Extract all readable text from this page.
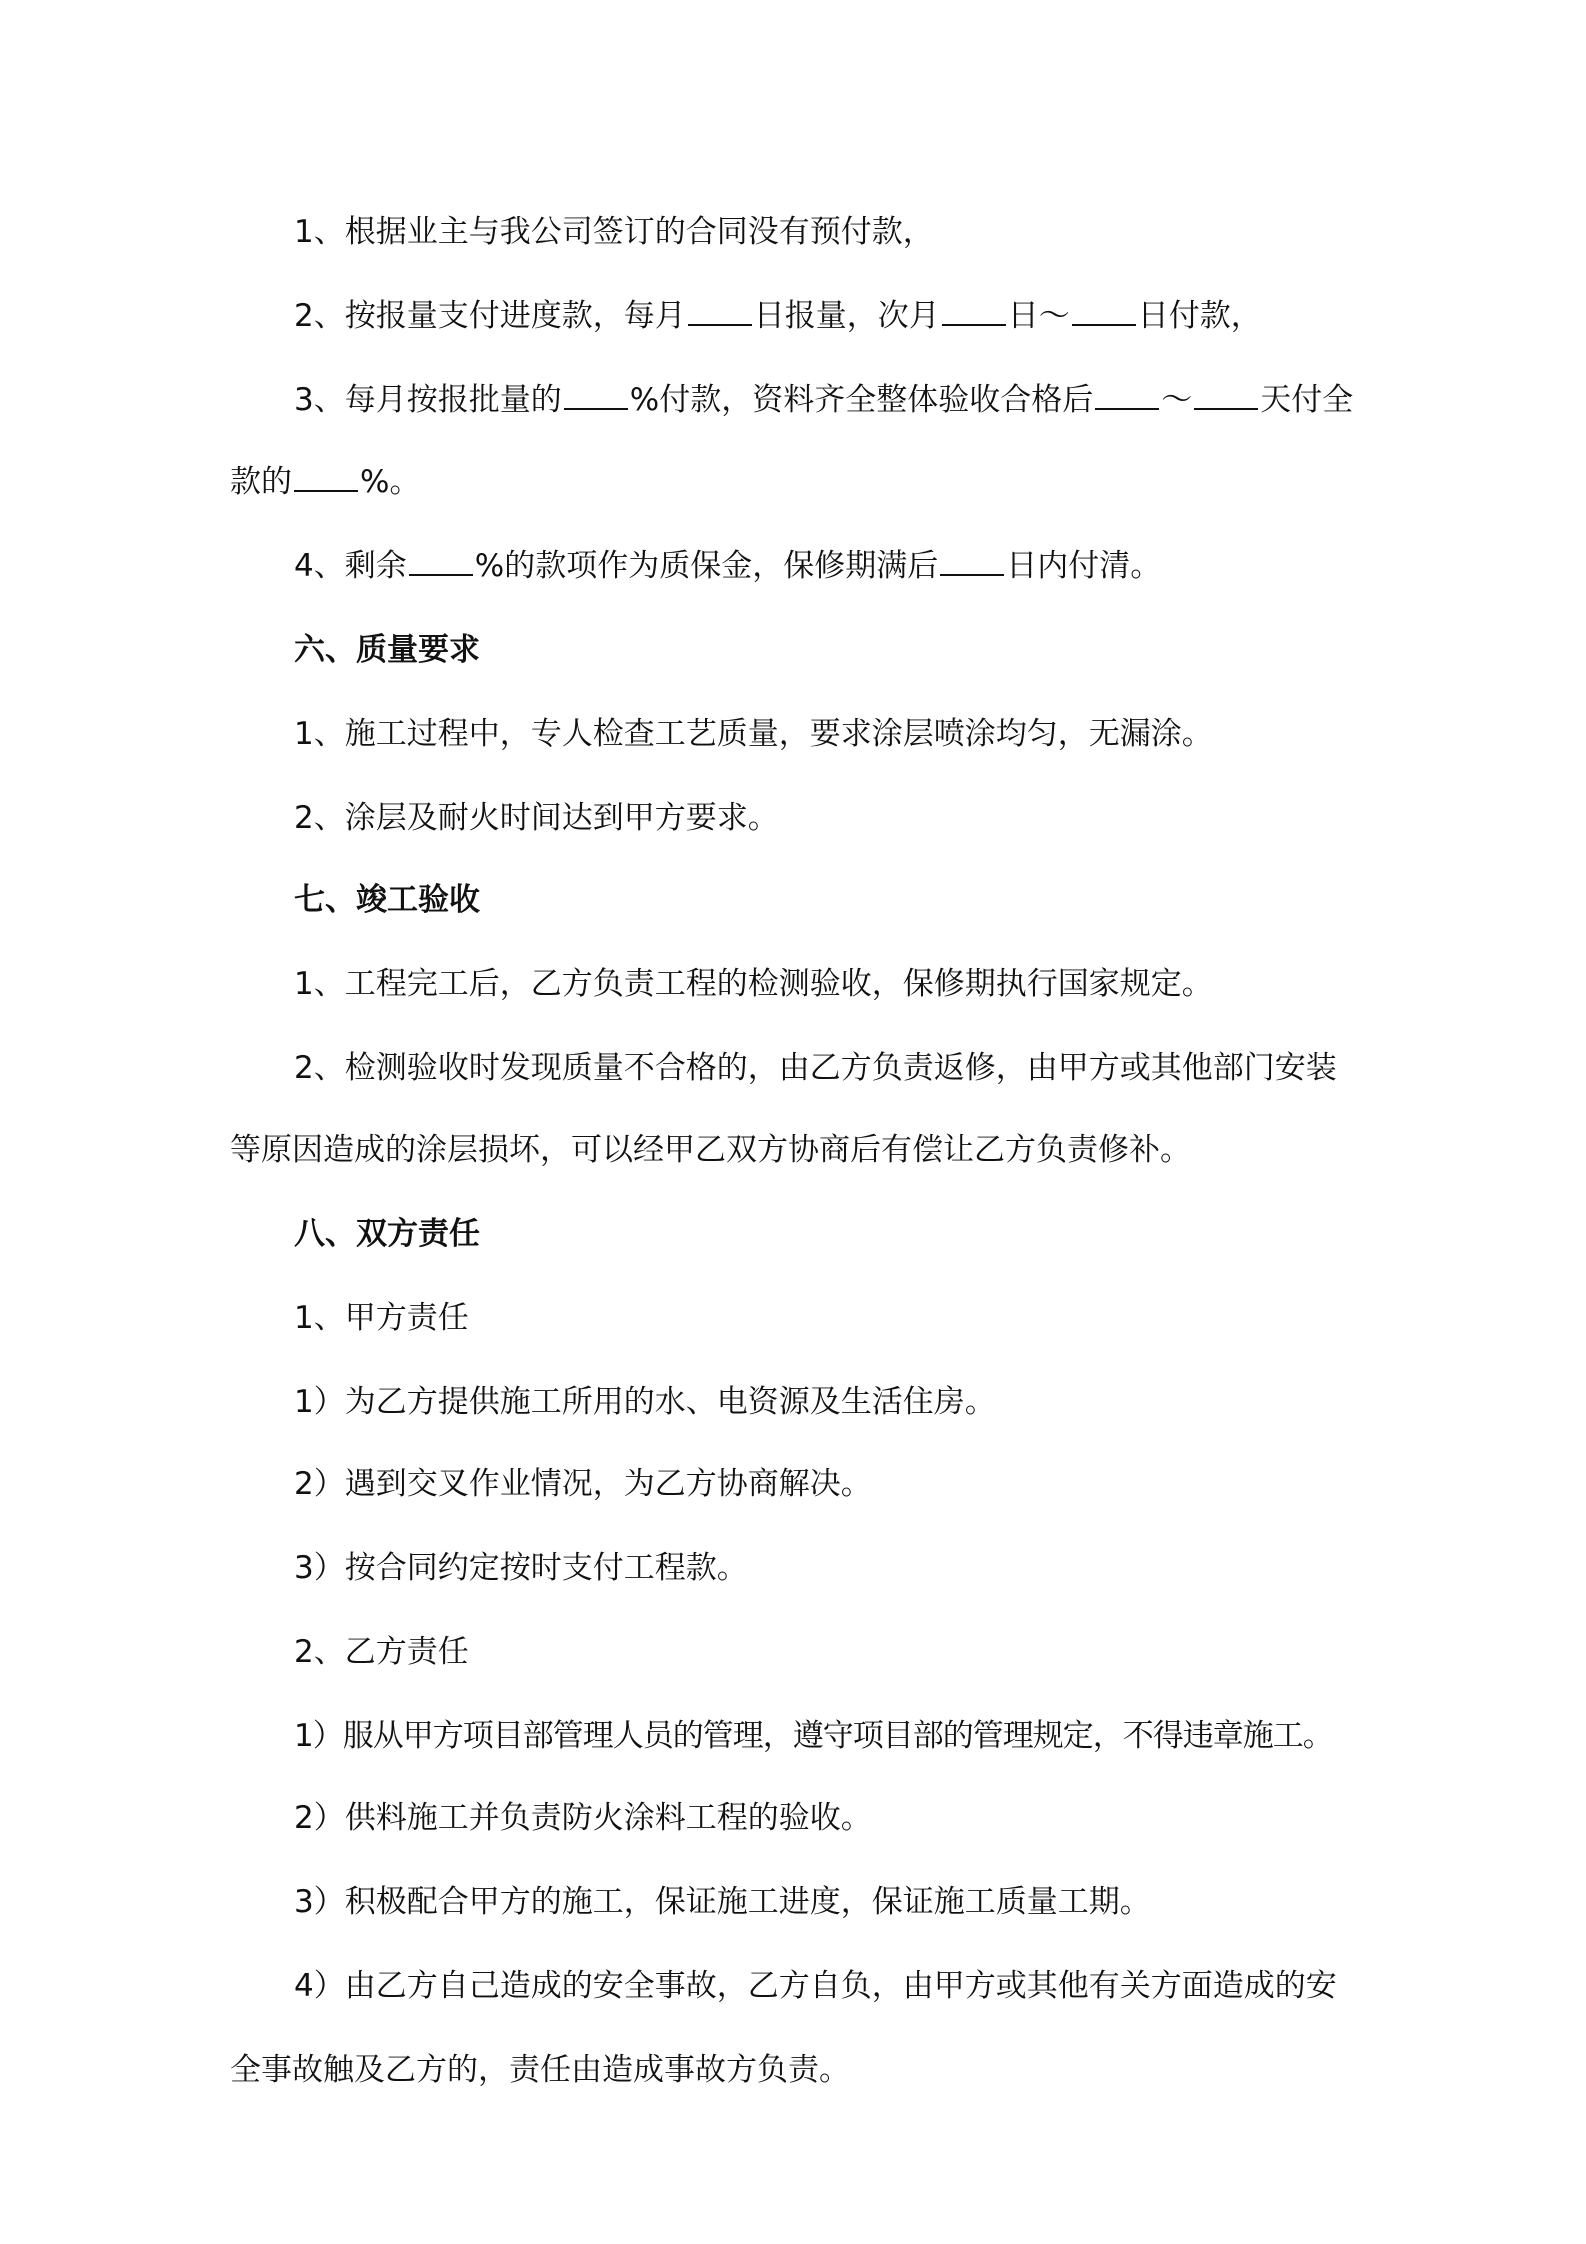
1、根据业主与我公司签订的合同没有预付款，
2、按报量支付进度款，每月 日报量，次月 日～ 日付款，
3、每月按报批量的 %付款，资料齐全整体验收合格后 ～ 天付全
款的 %。
4、剩余 %的款项作为质保金，保修期满后 日内付清。
六、质量要求
1、施工过程中，专人检查工艺质量，要求涂层喷涂均匀，无漏涂。
2、涂层及耐火时间达到甲方要求。
七、竣工验收
1、工程完工后，乙方负责工程的检测验收，保修期执行国家规定。
2、检测验收时发现质量不合格的，由乙方负责返修，由甲方或其他部门安装
等原因造成的涂层损坏，可以经甲乙双方协商后有偿让乙方负责修补。
八、双方责任
1、甲方责任
1）为乙方提供施工所用的水、电资源及生活住房。
2）遇到交叉作业情况，为乙方协商解决。
3）按合同约定按时支付工程款。
2、乙方责任
1）服从甲方项目部管理人员的管理，遵守项目部的管理规定，不得违章施工。
2）供料施工并负责防火涂料工程的验收。
3）积极配合甲方的施工，保证施工进度，保证施工质量工期。
4）由乙方自己造成的安全事故，乙方自负，由甲方或其他有关方面造成的安
全事故触及乙方的，责任由造成事故方负责。
